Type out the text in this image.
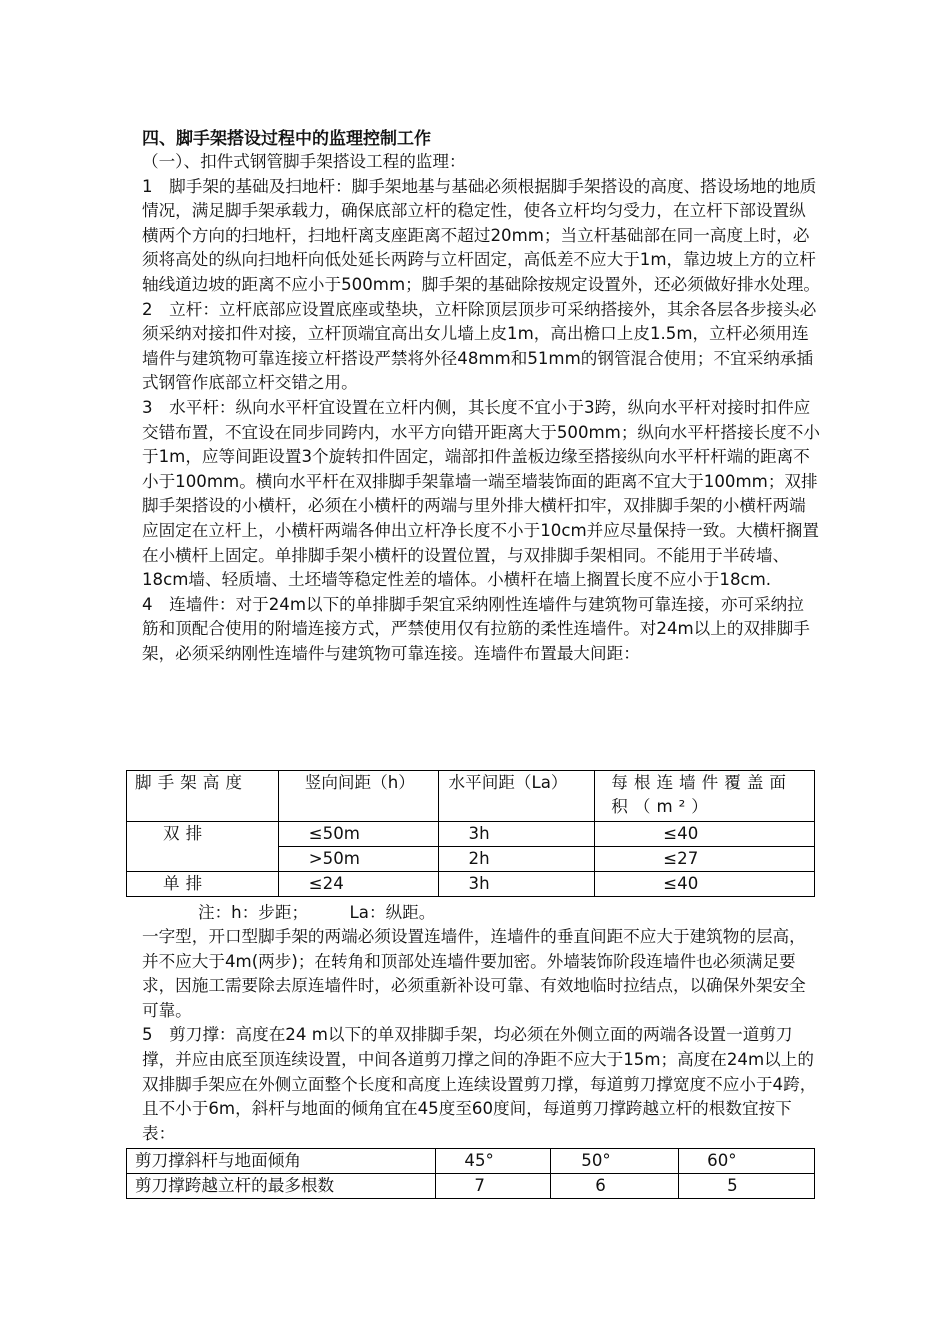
四、脚手架搭设过程中的监理控制工作

（一）、扣件式钢管脚手架搭设工程的监理：

1　脚手架的基础及扫地杆：脚手架地基与基础必须根据脚手架搭设的高度、搭设场地的地质情况，满足脚手架承载力，确保底部立杆的稳定性，使各立杆均匀受力，在立杆下部设置纵横两个方向的扫地杆，扫地杆离支座距离不超过20mm；当立杆基础部在同一高度上时，必须将高处的纵向扫地杆向低处延长两跨与立杆固定，高低差不应大于1m，靠边坡上方的立杆轴线道边坡的距离不应小于500mm；脚手架的基础除按规定设置外，还必须做好排水处理。

2　立杆：立杆底部应设置底座或垫块，立杆除顶层顶步可采纳搭接外，其余各层各步接头必须采纳对接扣件对接，立杆顶端宜高出女儿墙上皮1m，高出檐口上皮1.5m，立杆必须用连墙件与建筑物可靠连接立杆搭设严禁将外径48mm和51mm的钢管混合使用；不宜采纳承插式钢管作底部立杆交错之用。

3　水平杆：纵向水平杆宜设置在立杆内侧，其长度不宜小于3跨，纵向水平杆对接时扣件应交错布置，不宜设在同步同跨内，水平方向错开距离大于500mm；纵向水平杆搭接长度不小于1m，应等间距设置3个旋转扣件固定，端部扣件盖板边缘至搭接纵向水平杆杆端的距离不小于100mm。横向水平杆在双排脚手架靠墙一端至墙装饰面的距离不宜大于100mm；双排脚手架搭设的小横杆，必须在小横杆的两端与里外排大横杆扣牢，双排脚手架的小横杆两端应固定在立杆上，小横杆两端各伸出立杆净长度不小于10cm并应尽量保持一致。大横杆搁置在小横杆上固定。单排脚手架小横杆的设置位置，与双排脚手架相同。不能用于半砖墙、18cm墙、轻质墙、土坯墙等稳定性差的墙体。小横杆在墙上搁置长度不应小于18cm.

4　连墙件：对于24m以下的单排脚手架宜采纳刚性连墙件与建筑物可靠连接，亦可采纳拉筋和顶配合使用的附墙连接方式，严禁使用仅有拉筋的柔性连墙件。对24m以上的双排脚手架，必须采纳刚性连墙件与建筑物可靠连接。连墙件布置最大间距：

脚手架高度	竖向间距（h）	水平间距（La）	每根连墙件覆盖面积（m²）
双排	≤50m	3h	≤40
	>50m	2h	≤27
单排	≤24	3h	≤40
注：h：步距；　　　La：纵距。

一字型，开口型脚手架的两端必须设置连墙件，连墙件的垂直间距不应大于建筑物的层高，并不应大于4m(两步)；在转角和顶部处连墙件要加密。外墙装饰阶段连墙件也必须满足要求，因施工需要除去原连墙件时，必须重新补设可靠、有效地临时拉结点，以确保外架安全可靠。

5　剪刀撑：高度在24 m以下的单双排脚手架，均必须在外侧立面的两端各设置一道剪刀撑，并应由底至顶连续设置，中间各道剪刀撑之间的净距不应大于15m；高度在24m以上的双排脚手架应在外侧立面整个长度和高度上连续设置剪刀撑，每道剪刀撑宽度不应小于4跨，且不小于6m，斜杆与地面的倾角宜在45度至60度间，每道剪刀撑跨越立杆的根数宜按下表：

剪刀撑斜杆与地面倾角	45°	50°	60°
剪刀撑跨越立杆的最多根数	7	6	5
